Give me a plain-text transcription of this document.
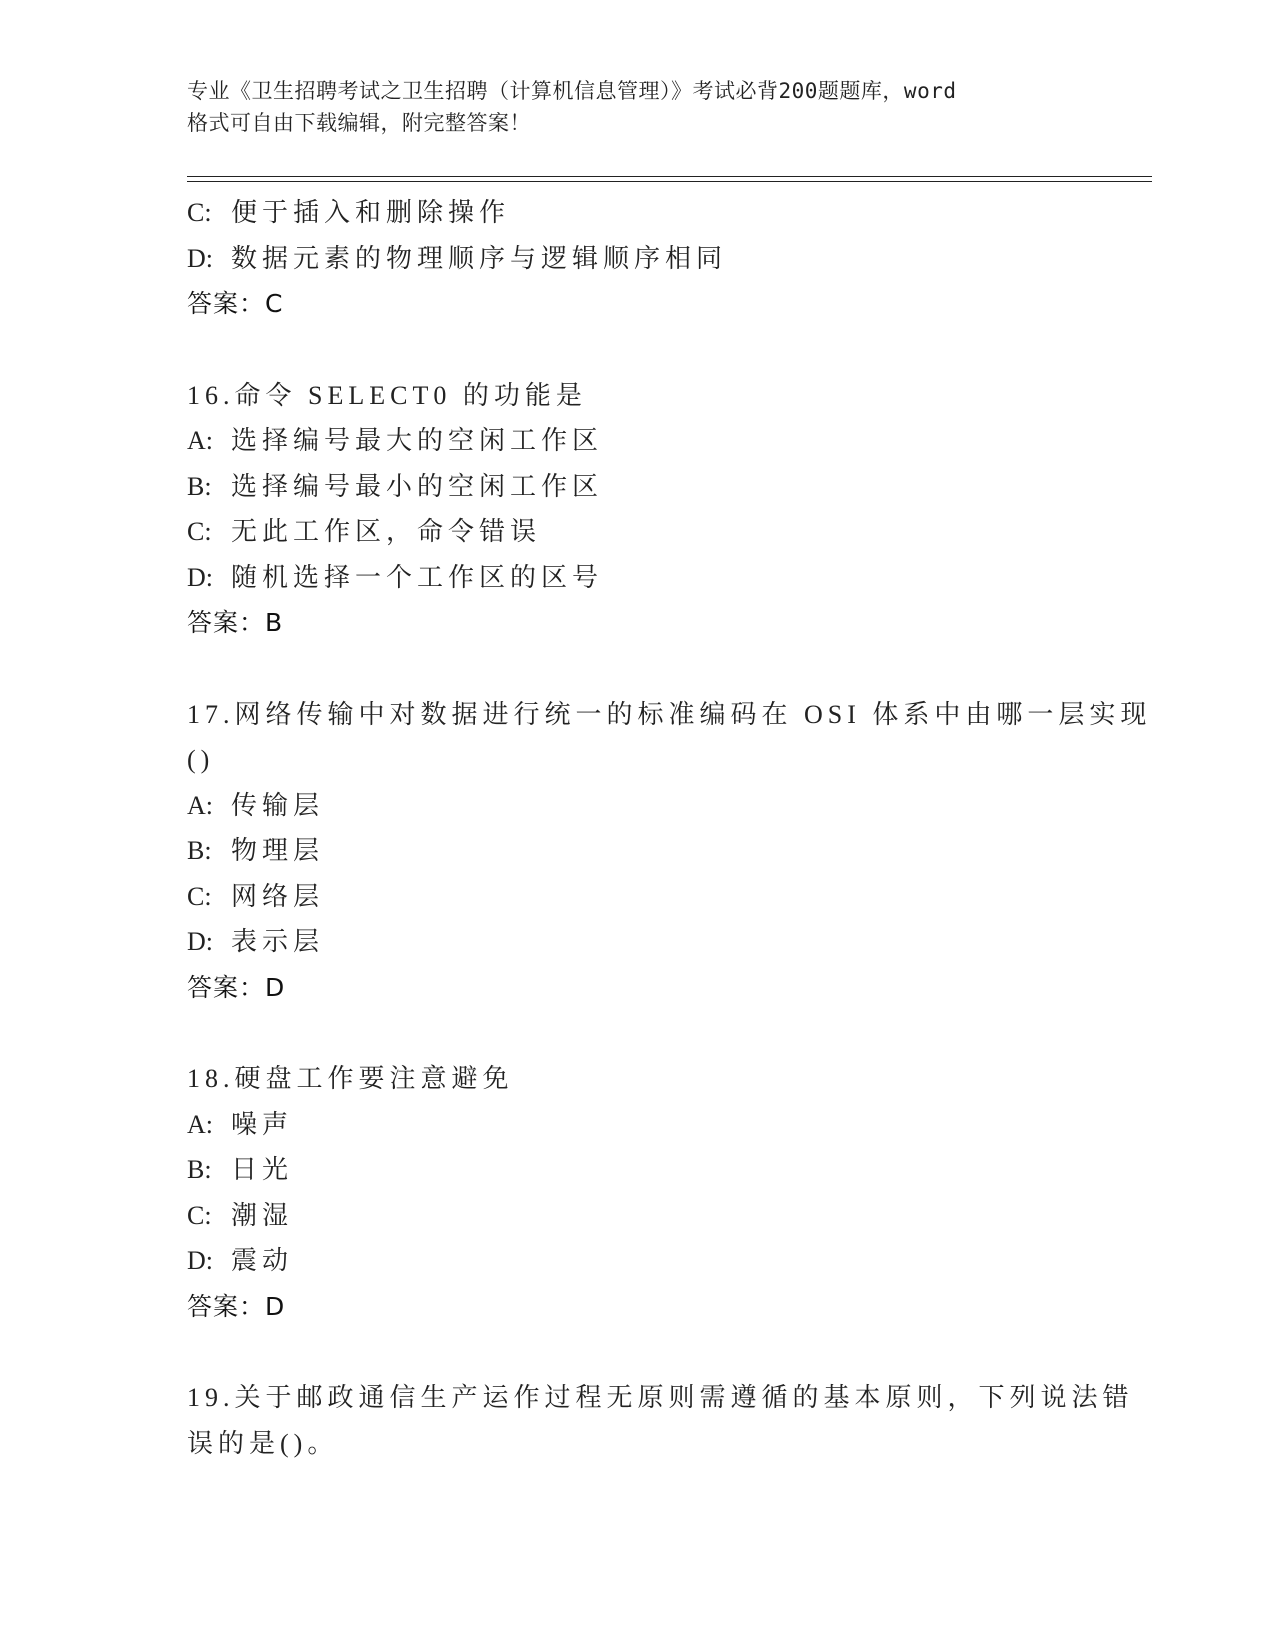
专业《卫生招聘考试之卫生招聘（计算机信息管理）》考试必背200题题库，word
格式可自由下载编辑，附完整答案！
C: 便于插入和删除操作
D: 数据元素的物理顺序与逻辑顺序相同
答案：C
16.命令 SELECT0 的功能是
A: 选择编号最大的空闲工作区
B: 选择编号最小的空闲工作区
C: 无此工作区，命令错误
D: 随机选择一个工作区的区号
答案：B
17.网络传输中对数据进行统一的标准编码在 OSI 体系中由哪一层实现
()
A: 传输层
B: 物理层
C: 网络层
D: 表示层
答案：D
18.硬盘工作要注意避免
A: 噪声
B: 日光
C: 潮湿
D: 震动
答案：D
19.关于邮政通信生产运作过程无原则需遵循的基本原则，下列说法错
误的是()。
